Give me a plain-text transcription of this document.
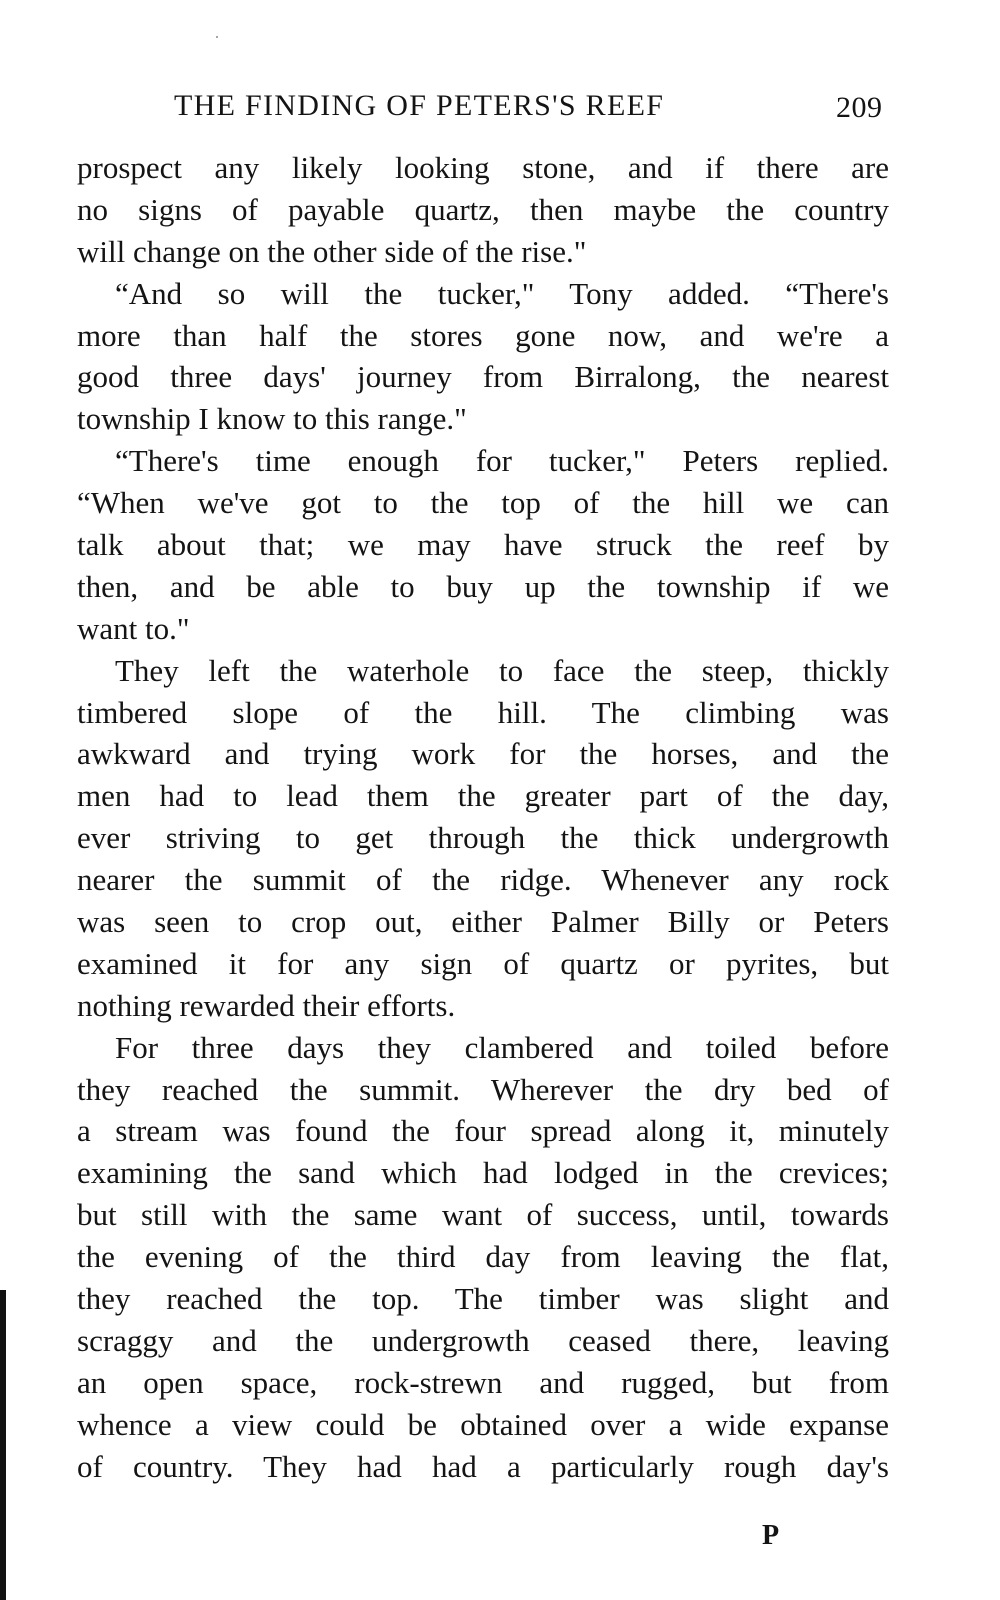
THE FINDING OF PETERS'S REEF	209
prospect any likely looking stone, and if there are
no signs of payable quartz, then maybe the country
will change on the other side of the rise."
“And so will the tucker," Tony added. “There's
more than half the stores gone now, and we're a
good three days' journey from Birralong, the nearest
township I know to this range."
“There's time enough for tucker," Peters replied.
“When we've got to the top of the hill we can
talk about that; we may have struck the reef by
then, and be able to buy up the township if we
want to."
They left the waterhole to face the steep, thickly
timbered slope of the hill. The climbing was
awkward and trying work for the horses, and the
men had to lead them the greater part of the day,
ever striving to get through the thick undergrowth
nearer the summit of the ridge. Whenever any rock
was seen to crop out, either Palmer Billy or Peters
examined it for any sign of quartz or pyrites, but
nothing rewarded their efforts.
For three days they clambered and toiled before
they reached the summit. Wherever the dry bed of
a stream was found the four spread along it, minutely
examining the sand which had lodged in the crevices;
but still with the same want of success, until, towards
the evening of the third day from leaving the flat,
they reached the top. The timber was slight and
scraggy and the undergrowth ceased there, leaving
an open space, rock-strewn and rugged, but from
whence a view could be obtained over a wide expanse
of country. They had had a particularly rough day's
P
